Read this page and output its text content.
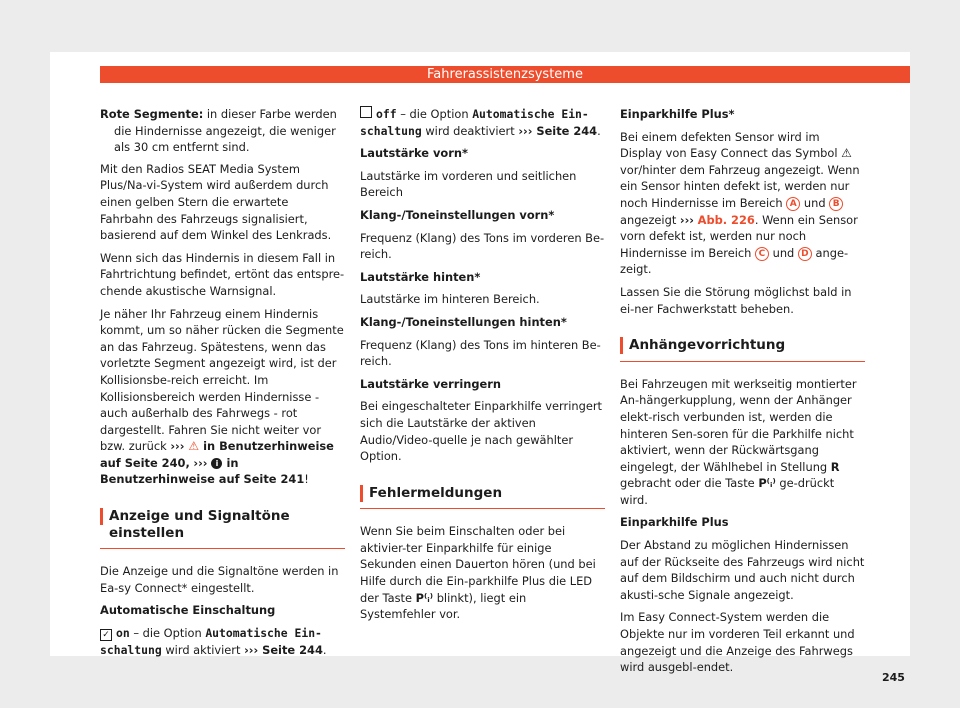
Fahrerassistenzsysteme

Rote Segmente: in dieser Farbe werden die Hindernisse angezeigt, die weniger als 30 cm entfernt sind.

Mit den Radios SEAT Media System Plus/Na-vi-System wird außerdem durch einen gelben Stern die erwartete Fahrbahn des Fahrzeugs signalisiert, basierend auf dem Winkel des Lenkrads.

Wenn sich das Hindernis in diesem Fall in Fahrtrichtung befindet, ertönt das entspre-chende akustische Warnsignal.

Je näher Ihr Fahrzeug einem Hindernis kommt, um so näher rücken die Segmente an das Fahrzeug. Spätestens, wenn das vorletzte Segment angezeigt wird, ist der Kollisionsbe-reich erreicht. Im Kollisionsbereich werden Hindernisse - auch außerhalb des Fahrwegs - rot dargestellt. Fahren Sie nicht weiter vor bzw. zurück ››› ⚠ in Benutzerhinweise auf Seite 240, ››› i in Benutzerhinweise auf Seite 241!

Anzeige und Signaltöne einstellen

Die Anzeige und die Signaltöne werden in Ea-sy Connect* eingestellt.

Automatische Einschaltung

✓ on – die Option Automatische Ein-schaltung wird aktiviert ››› Seite 244.

off – die Option Automatische Ein-schaltung wird deaktiviert ››› Seite 244.

Lautstärke vorn*

Lautstärke im vorderen und seitlichen Bereich

Klang-/Toneinstellungen vorn*

Frequenz (Klang) des Tons im vorderen Be-reich.

Lautstärke hinten*

Lautstärke im hinteren Bereich.

Klang-/Toneinstellungen hinten*

Frequenz (Klang) des Tons im hinteren Be-reich.

Lautstärke verringern

Bei eingeschalteter Einparkhilfe verringert sich die Lautstärke der aktiven Audio/Video-quelle je nach gewählter Option.

Fehlermeldungen

Wenn Sie beim Einschalten oder bei aktivier-ter Einparkhilfe für einige Sekunden einen Dauerton hören (und bei Hilfe durch die Ein-parkhilfe Plus die LED der Taste P⁽ᵢ⁾ blinkt), liegt ein Systemfehler vor.

Einparkhilfe Plus*

Bei einem defekten Sensor wird im Display von Easy Connect das Symbol ⚠ vor/hinter dem Fahrzeug angezeigt. Wenn ein Sensor hinten defekt ist, werden nur noch Hindernisse im Bereich A und B angezeigt ››› Abb. 226. Wenn ein Sensor vorn defekt ist, werden nur noch Hindernisse im Bereich C und D ange-zeigt.

Lassen Sie die Störung möglichst bald in ei-ner Fachwerkstatt beheben.

Anhängevorrichtung

Bei Fahrzeugen mit werkseitig montierter An-hängerkupplung, wenn der Anhänger elekt-risch verbunden ist, werden die hinteren Sen-soren für die Parkhilfe nicht aktiviert, wenn der Rückwärtsgang eingelegt, der Wählhebel in Stellung R gebracht oder die Taste P⁽ᵢ⁾ ge-drückt wird.

Einparkhilfe Plus

Der Abstand zu möglichen Hindernissen auf der Rückseite des Fahrzeugs wird nicht auf dem Bildschirm und auch nicht durch akusti-sche Signale angezeigt.

Im Easy Connect-System werden die Objekte nur im vorderen Teil erkannt und angezeigt und die Anzeige des Fahrwegs wird ausgebl-endet.

245
